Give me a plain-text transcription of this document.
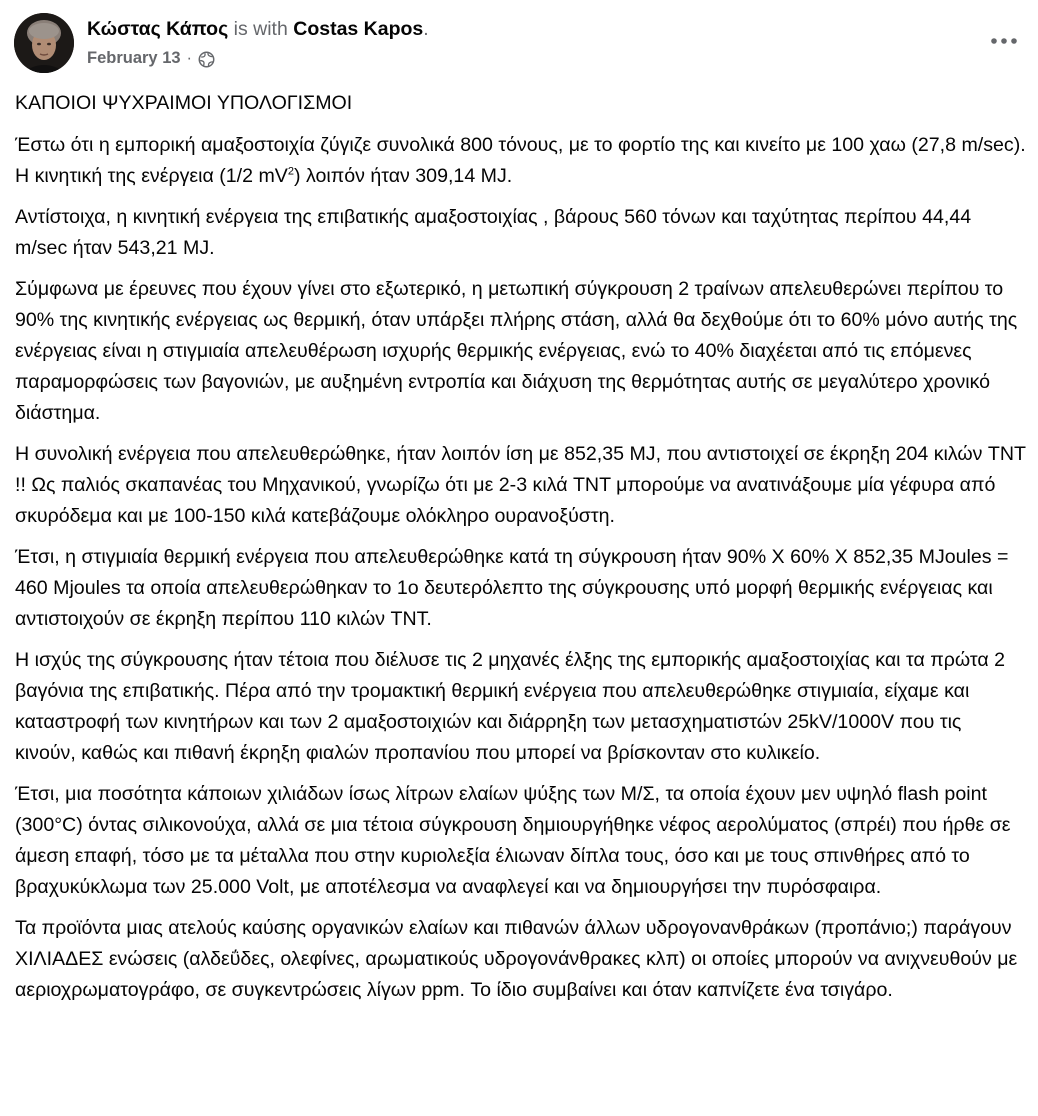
Κώστας Κάπος is with Costas Kapos.
February 13 ·

ΚΑΠΟΙΟΙ ΨΥΧΡΑΙΜΟΙ ΥΠΟΛΟΓΙΣΜΟΙ

Έστω ότι η εμπορική αμαξοστοιχία ζύγιζε συνολικά 800 τόνους, με το φορτίο της και κινείτο με 100 χαω (27,8 m/sec). Η κινητική της ενέργεια (1/2 $mV^2$) λοιπόν ήταν 309,14 MJ.

Αντίστοιχα, η κινητική ενέργεια της επιβατικής αμαξοστοιχίας , βάρους 560 τόνων και ταχύτητας περίπου 44,44 m/sec ήταν 543,21 MJ.

Σύμφωνα με έρευνες που έχουν γίνει στο εξωτερικό, η μετωπική σύγκρουση 2 τραίνων απελευθερώνει περίπου το 90% της κινητικής ενέργειας ως θερμική, όταν υπάρξει πλήρης στάση, αλλά θα δεχθούμε ότι το 60% μόνο αυτής της ενέργειας είναι η στιγμιαία απελευθέρωση ισχυρής θερμικής ενέργειας, ενώ το 40% διαχέεται από τις επόμενες παραμορφώσεις των βαγονιών, με αυξημένη εντροπία και διάχυση της θερμότητας αυτής σε μεγαλύτερο χρονικό διάστημα.

Η συνολική ενέργεια που απελευθερώθηκε, ήταν λοιπόν ίση με 852,35 MJ, που αντιστοιχεί σε έκρηξη 204 κιλών TNT !! Ως παλιός σκαπανέας του Μηχανικού, γνωρίζω ότι με 2-3 κιλά TNT μπορούμε να ανατινάξουμε μία γέφυρα από σκυρόδεμα και με 100-150 κιλά κατεβάζουμε ολόκληρο ουρανοξύστη.

Έτσι, η στιγμιαία θερμική ενέργεια που απελευθερώθηκε κατά τη σύγκρουση ήταν 90% Χ 60% Χ 852,35 MJoules = 460 Mjoules τα οποία απελευθερώθηκαν το 1ο δευτερόλεπτο της σύγκρουσης υπό μορφή θερμικής ενέργειας και αντιστοιχούν σε έκρηξη περίπου 110 κιλών TNT.

Η ισχύς της σύγκρουσης ήταν τέτοια που διέλυσε τις 2 μηχανές έλξης της εμπορικής αμαξοστοιχίας και τα πρώτα 2 βαγόνια της επιβατικής. Πέρα από την τρομακτική θερμική ενέργεια που απελευθερώθηκε στιγμιαία, είχαμε και καταστροφή των κινητήρων και των 2 αμαξοστοιχιών και διάρρηξη των μετασχηματιστών 25kV/1000V που τις κινούν, καθώς και πιθανή έκρηξη φιαλών προπανίου που μπορεί να βρίσκονταν στο κυλικείο.

Έτσι, μια ποσότητα κάποιων χιλιάδων ίσως λίτρων ελαίων ψύξης των Μ/Σ, τα οποία έχουν μεν υψηλό flash point (300°C) όντας σιλικονούχα, αλλά σε μια τέτοια σύγκρουση δημιουργήθηκε νέφος αερολύματος (σπρέι) που ήρθε σε άμεση επαφή, τόσο με τα μέταλλα που στην κυριολεξία έλιωναν δίπλα τους, όσο και με τους σπινθήρες από το βραχυκύκλωμα των 25.000 Volt, με αποτέλεσμα να αναφλεγεί και να δημιουργήσει την πυρόσφαιρα.

Τα προϊόντα μιας ατελούς καύσης οργανικών ελαίων και πιθανών άλλων υδρογονανθράκων (προπάνιο;) παράγουν ΧΙΛΙΑΔΕΣ ενώσεις (αλδεΰδες, ολεφίνες, αρωματικούς υδρογονάνθρακες κλπ) οι οποίες μπορούν να ανιχνευθούν με αεριοχρωματογράφο, σε συγκεντρώσεις λίγων ppm. Το ίδιο συμβαίνει και όταν καπνίζετε ένα τσιγάρο.
